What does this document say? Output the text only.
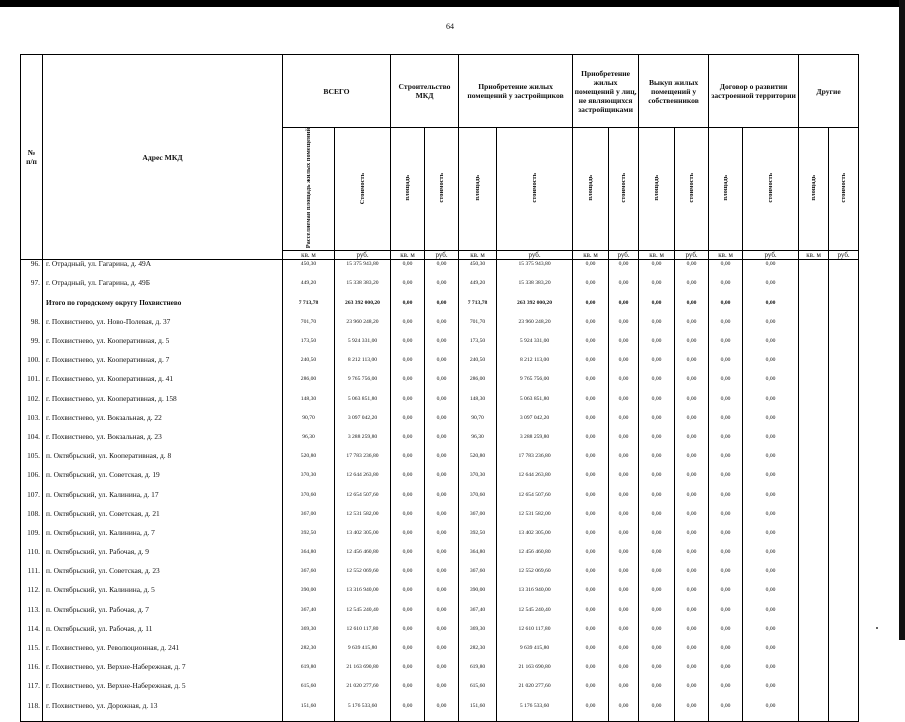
64
№
п/п	Адрес МКД	ВСЕГО		Строительство МКД		Приобретение жилых помещений у застройщиков		Приобретение жилых помещений у лиц, не являющихся застройщиками		Выкуп жилых помещений у собственников		Договор о развитии застроенной территории		Другие	
		Расселяемая площадь жилых помещений	Стоимость	площадь	стоимость	площадь	стоимость	площадь	стоимость	площадь	стоимость	площадь	стоимость	площадь	стоимость
		кв. м	руб.	кв. м	руб.	кв. м	руб.	кв. м	руб.	кв. м	руб.	кв. м	руб.	кв. м	руб.
96.	г. Отрадный, ул. Гагарина, д. 49А	450,30	15 375 943,80	0,00	0,00	450,30	15 375 943,80	0,00	0,00	0,00	0,00	0,00	0,00		
97.	г. Отрадный, ул. Гагарина, д. 49Б	449,20	15 338 383,20	0,00	0,00	449,20	15 338 383,20	0,00	0,00	0,00	0,00	0,00	0,00		
	Итого по городскому округу Похвистнево	7 713,78	263 392 000,20	0,00	0,00	7 713,78	263 392 000,20	0,00	0,00	0,00	0,00	0,00	0,00		
98.	г. Похвистнево, ул. Ново-Полевая, д. 37	701,70	23 960 248,20	0,00	0,00	701,70	23 960 248,20	0,00	0,00	0,00	0,00	0,00	0,00		
99.	г. Похвистнево, ул. Кооперативная, д. 5	173,50	5 924 331,00	0,00	0,00	173,50	5 924 331,00	0,00	0,00	0,00	0,00	0,00	0,00		
100.	г. Похвистнево, ул. Кооперативная, д. 7	240,50	8 212 113,00	0,00	0,00	240,50	8 212 113,00	0,00	0,00	0,00	0,00	0,00	0,00		
101.	г. Похвистнево, ул. Кооперативная, д. 41	286,00	9 765 756,00	0,00	0,00	286,00	9 765 756,00	0,00	0,00	0,00	0,00	0,00	0,00		
102.	г. Похвистнево, ул. Кооперативная, д. 158	148,30	5 063 851,80	0,00	0,00	148,30	5 063 851,80	0,00	0,00	0,00	0,00	0,00	0,00		
103.	г. Похвистнево, ул. Вокзальная, д. 22	90,70	3 097 042,20	0,00	0,00	90,70	3 097 042,20	0,00	0,00	0,00	0,00	0,00	0,00		
104.	г. Похвистнево, ул. Вокзальная, д. 23	96,30	3 288 259,80	0,00	0,00	96,30	3 288 259,80	0,00	0,00	0,00	0,00	0,00	0,00		
105.	п. Октябрьский, ул. Кооперативная, д. 8	520,80	17 783 236,80	0,00	0,00	520,80	17 783 236,80	0,00	0,00	0,00	0,00	0,00	0,00		
106.	п. Октябрьский, ул. Советская, д. 19	370,30	12 644 263,80	0,00	0,00	370,30	12 644 263,80	0,00	0,00	0,00	0,00	0,00	0,00		
107.	п. Октябрьский, ул. Калинина, д. 17	370,60	12 654 507,60	0,00	0,00	370,60	12 654 507,60	0,00	0,00	0,00	0,00	0,00	0,00		
108.	п. Октябрьский, ул. Советская, д. 21	367,00	12 531 582,00	0,00	0,00	367,00	12 531 582,00	0,00	0,00	0,00	0,00	0,00	0,00		
109.	п. Октябрьский, ул. Калинина, д. 7	392,50	13 402 305,00	0,00	0,00	392,50	13 402 305,00	0,00	0,00	0,00	0,00	0,00	0,00		
110.	п. Октябрьский, ул. Рабочая, д. 9	364,80	12 456 460,80	0,00	0,00	364,80	12 456 460,80	0,00	0,00	0,00	0,00	0,00	0,00		
111.	п. Октябрьский, ул. Советская, д. 23	367,60	12 552 069,60	0,00	0,00	367,60	12 552 069,60	0,00	0,00	0,00	0,00	0,00	0,00		
112.	п. Октябрьский, ул. Калинина, д. 5	390,00	13 316 940,00	0,00	0,00	390,00	13 316 940,00	0,00	0,00	0,00	0,00	0,00	0,00		
113.	п. Октябрьский, ул. Рабочая, д. 7	367,40	12 545 240,40	0,00	0,00	367,40	12 545 240,40	0,00	0,00	0,00	0,00	0,00	0,00		
114.	п. Октябрьский, ул. Рабочая, д. 11	369,30	12 610 117,80	0,00	0,00	369,30	12 610 117,80	0,00	0,00	0,00	0,00	0,00	0,00		
115.	г. Похвистнево, ул. Революционная, д. 241	282,30	9 639 415,80	0,00	0,00	282,30	9 639 415,80	0,00	0,00	0,00	0,00	0,00	0,00		
116.	г. Похвистнево, ул. Верхне-Набережная, д. 7	619,80	21 163 690,80	0,00	0,00	619,80	21 163 690,80	0,00	0,00	0,00	0,00	0,00	0,00		
117.	г. Похвистнево, ул. Верхне-Набережная, д. 5	615,60	21 020 277,60	0,00	0,00	615,60	21 020 277,60	0,00	0,00	0,00	0,00	0,00	0,00		
118.	г. Похвистнево, ул. Дорожная, д. 13	151,60	5 176 533,60	0,00	0,00	151,60	5 176 533,60	0,00	0,00	0,00	0,00	0,00	0,00		
